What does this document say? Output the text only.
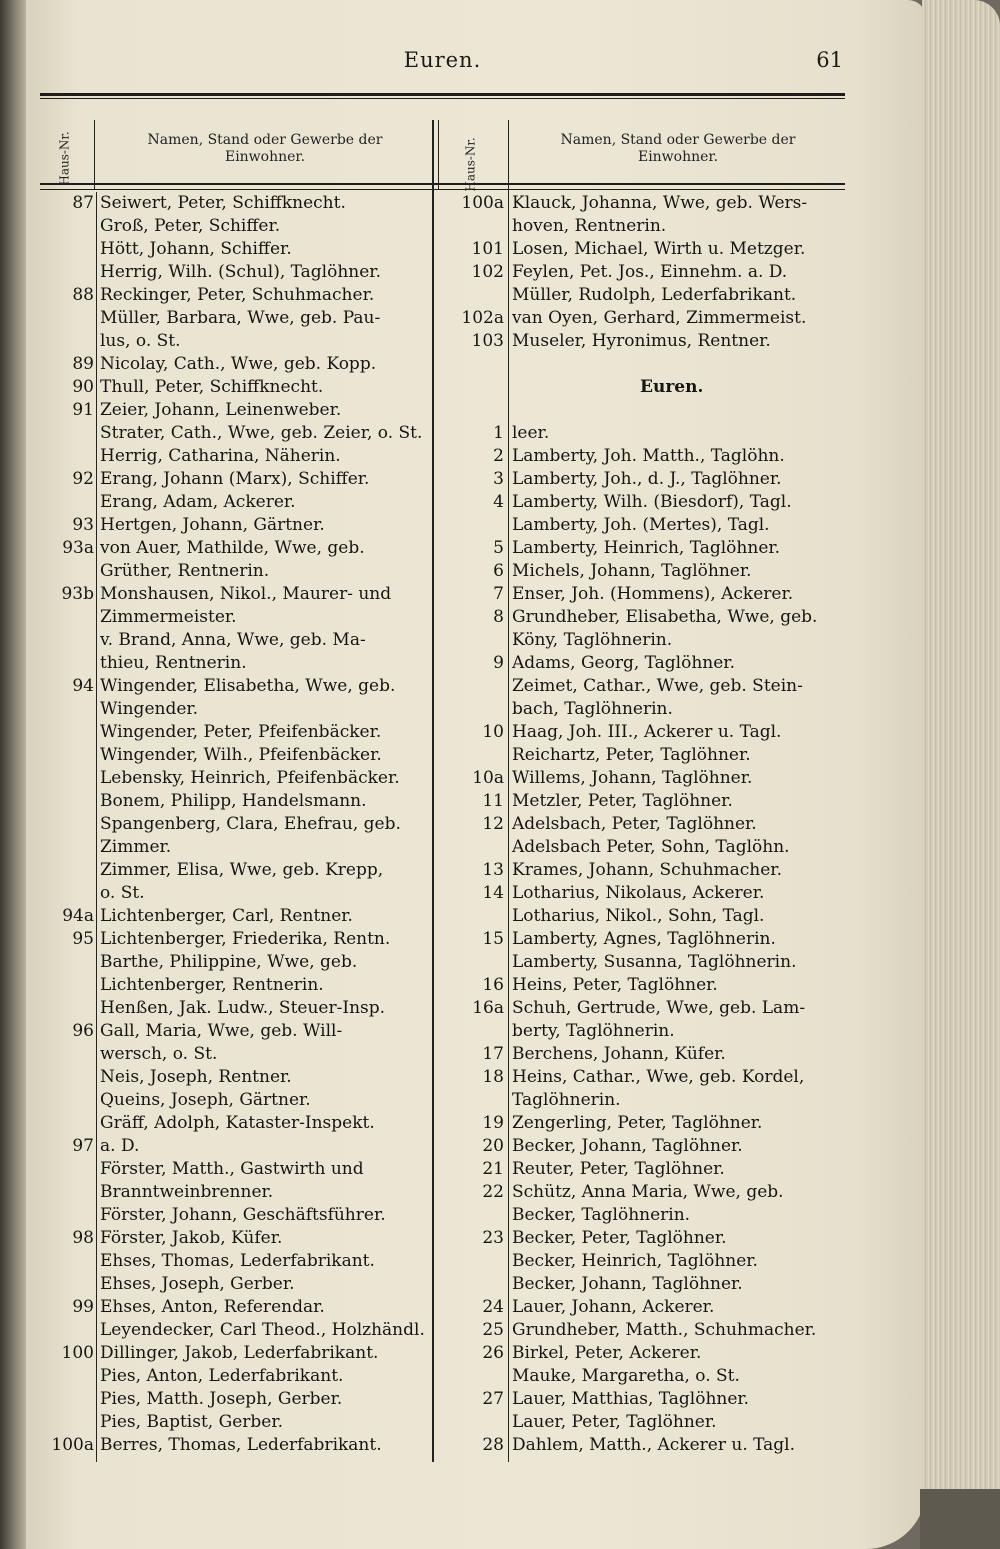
Euren.	61
Haus-Nr.	Namen, Stand oder Gewerbe der Einwohner.	Haus-Nr.	Namen, Stand oder Gewerbe der Einwohner.
87 Seiwert, Peter, Schiffknecht.
Groß, Peter, Schiffer.
Hött, Johann, Schiffer.
Herrig, Wilh. (Schul), Taglöhner.
88 Reckinger, Peter, Schuhmacher.
Müller, Barbara, Wwe, geb. Pau-
lus, o. St.
89 Nicolay, Cath., Wwe, geb. Kopp.
90 Thull, Peter, Schiffknecht.
91 Zeier, Johann, Leinenweber.
Strater, Cath., Wwe, geb. Zeier, o. St.
Herrig, Catharina, Näherin.
92 Erang, Johann (Marx), Schiffer.
Erang, Adam, Ackerer.
93 Hertgen, Johann, Gärtner.
93a von Auer, Mathilde, Wwe, geb.
Grüther, Rentnerin.
93b Monshausen, Nikol., Maurer- und
Zimmermeister.
v. Brand, Anna, Wwe, geb. Ma-
thieu, Rentnerin.
94 Wingender, Elisabetha, Wwe, geb.
Wingender.
Wingender, Peter, Pfeifenbäcker.
Wingender, Wilh., Pfeifenbäcker.
Lebensky, Heinrich, Pfeifenbäcker.
Bonem, Philipp, Handelsmann.
Spangenberg, Clara, Ehefrau, geb.
Zimmer.
Zimmer, Elisa, Wwe, geb. Krepp,
o. St.
94a Lichtenberger, Carl, Rentner.
95 Lichtenberger, Friederika, Rentn.
Barthe, Philippine, Wwe, geb.
Lichtenberger, Rentnerin.
Henßen, Jak. Ludw., Steuer-Insp.
96 Gall, Maria, Wwe, geb. Will-
wersch, o. St.
Neis, Joseph, Rentner.
Queins, Joseph, Gärtner.
Gräff, Adolph, Kataster-Inspekt.
97 a. D.
Förster, Matth., Gastwirth und
Branntweinbrenner.
Förster, Johann, Geschäftsführer.
98 Förster, Jakob, Küfer.
Ehses, Thomas, Lederfabrikant.
Ehses, Joseph, Gerber.
99 Ehses, Anton, Referendar.
Leyendecker, Carl Theod., Holzhändl.
100 Dillinger, Jakob, Lederfabrikant.
Pies, Anton, Lederfabrikant.
Pies, Matth. Joseph, Gerber.
Pies, Baptist, Gerber.
100a Berres, Thomas, Lederfabrikant.
100a Klauck, Johanna, Wwe, geb. Wers-
hoven, Rentnerin.
101 Losen, Michael, Wirth u. Metzger.
102 Feylen, Pet. Jos., Einnehm. a. D.
Müller, Rudolph, Lederfabrikant.
102a van Oyen, Gerhard, Zimmermeist.
103 Museler, Hyronimus, Rentner.
Euren.
1 leer.
2 Lamberty, Joh. Matth., Taglöhn.
3 Lamberty, Joh., d. J., Taglöhner.
4 Lamberty, Wilh. (Biesdorf), Tagl.
Lamberty, Joh. (Mertes), Tagl.
5 Lamberty, Heinrich, Taglöhner.
6 Michels, Johann, Taglöhner.
7 Enser, Joh. (Hommens), Ackerer.
8 Grundheber, Elisabetha, Wwe, geb.
Köny, Taglöhnerin.
9 Adams, Georg, Taglöhner.
Zeimet, Cathar., Wwe, geb. Stein-
bach, Taglöhnerin.
10 Haag, Joh. III., Ackerer u. Tagl.
Reichartz, Peter, Taglöhner.
10a Willems, Johann, Taglöhner.
11 Metzler, Peter, Taglöhner.
12 Adelsbach, Peter, Taglöhner.
Adelsbach Peter, Sohn, Taglöhn.
13 Krames, Johann, Schuhmacher.
14 Lotharius, Nikolaus, Ackerer.
Lotharius, Nikol., Sohn, Tagl.
15 Lamberty, Agnes, Taglöhnerin.
Lamberty, Susanna, Taglöhnerin.
16 Heins, Peter, Taglöhner.
16a Schuh, Gertrude, Wwe, geb. Lam-
berty, Taglöhnerin.
17 Berchens, Johann, Küfer.
18 Heins, Cathar., Wwe, geb. Kordel,
Taglöhnerin.
19 Zengerling, Peter, Taglöhner.
20 Becker, Johann, Taglöhner.
21 Reuter, Peter, Taglöhner.
22 Schütz, Anna Maria, Wwe, geb.
Becker, Taglöhnerin.
23 Becker, Peter, Taglöhner.
Becker, Heinrich, Taglöhner.
Becker, Johann, Taglöhner.
24 Lauer, Johann, Ackerer.
25 Grundheber, Matth., Schuhmacher.
26 Birkel, Peter, Ackerer.
Mauke, Margaretha, o. St.
27 Lauer, Matthias, Taglöhner.
Lauer, Peter, Taglöhner.
28 Dahlem, Matth., Ackerer u. Tagl.
